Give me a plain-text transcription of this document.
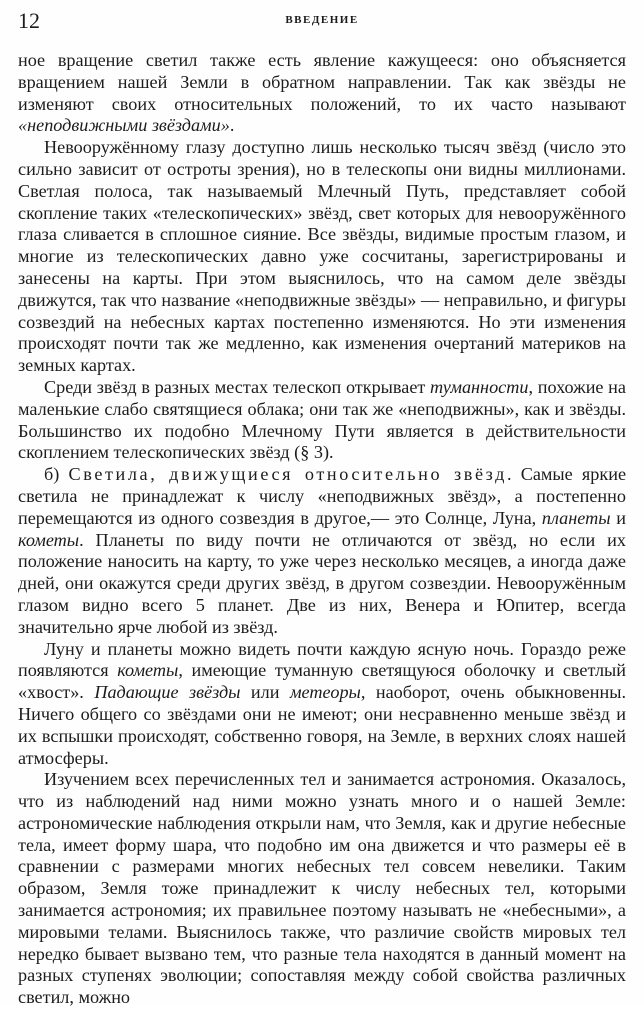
12	ВВЕДЕНИЕ

ное вращение светил также есть явление кажущееся: оно объясняется вращением нашей Земли в обратном направлении. Так как звёзды не изменяют своих относительных положений, то их часто называют «неподвижными звёздами».

Невооружённому глазу доступно лишь несколько тысяч звёзд (число это сильно зависит от остроты зрения), но в телескопы они видны миллионами. Светлая полоса, так называемый Млечный Путь, представляет собой скопление таких «телескопических» звёзд, свет которых для невооружённого глаза сливается в сплошное сияние. Все звёзды, видимые простым глазом, и многие из телескопических давно уже сосчитаны, зарегистрированы и занесены на карты. При этом выяснилось, что на самом деле звёзды движутся, так что название «неподвижные звёзды» — неправильно, и фигуры созвездий на небесных картах постепенно изменяются. Но эти изменения происходят почти так же медленно, как изменения очертаний материков на земных картах.

Среди звёзд в разных местах телескоп открывает туманности, похожие на маленькие слабо святящиеся облака; они так же «неподвижны», как и звёзды. Большинство их подобно Млечному Пути является в действительности скоплением телескопических звёзд (§ 3).

б) Светила, движущиеся относительно звёзд. Самые яркие светила не принадлежат к числу «неподвижных звёзд», а постепенно перемещаются из одного созвездия в другое,— это Солнце, Луна, планеты и кометы. Планеты по виду почти не отличаются от звёзд, но если их положение наносить на карту, то уже через несколько месяцев, а иногда даже дней, они окажутся среди других звёзд, в другом созвездии. Невооружённым глазом видно всего 5 планет. Две из них, Венера и Юпитер, всегда значительно ярче любой из звёзд.

Луну и планеты можно видеть почти каждую ясную ночь. Гораздо реже появляются кометы, имеющие туманную светящуюся оболочку и светлый «хвост». Падающие звёзды или метеоры, наоборот, очень обыкновенны. Ничего общего со звёздами они не имеют; они несравненно меньше звёзд и их вспышки происходят, собственно говоря, на Земле, в верхних слоях нашей атмосферы.

Изучением всех перечисленных тел и занимается астрономия. Оказалось, что из наблюдений над ними можно узнать много и о нашей Земле: астрономические наблюдения открыли нам, что Земля, как и другие небесные тела, имеет форму шара, что подобно им она движется и что размеры её в сравнении с размерами многих небесных тел совсем невелики. Таким образом, Земля тоже принадлежит к числу небесных тел, которыми занимается астрономия; их правильнее поэтому называть не «небесными», а мировыми телами. Выяснилось также, что различие свойств мировых тел нередко бывает вызвано тем, что разные тела находятся в данный момент на разных ступенях эволюции; сопоставляя между собой свойства различных светил, можно
